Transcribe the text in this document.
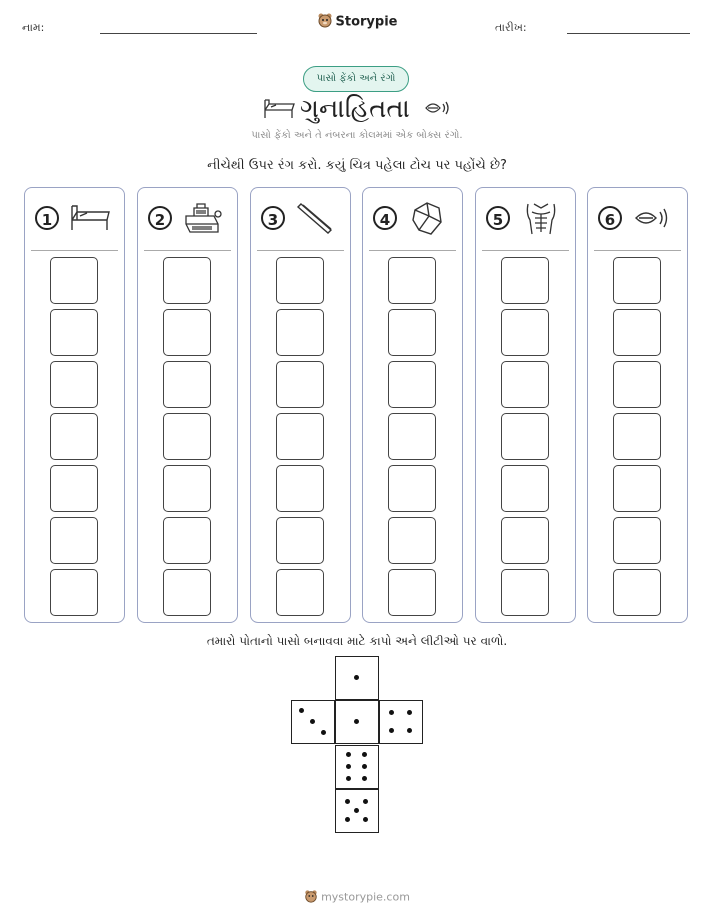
નામ:	Storypie	તારીખ:
પાસો ફેંકો અને રંગો
ગુનાહિતતા
પાસો ફેંકો અને તે નંબરના કોલમમાં એક બોક્સ રંગો.
નીચેથી ઉપર રંગ કરો. કયું ચિત્ર પહેલા ટોચ પર પહોંચે છે?
1	2	3	4	5	6
તમારો પોતાનો પાસો બનાવવા માટે કાપો અને લીટીઓ પર વાળો.
mystorypie.com
